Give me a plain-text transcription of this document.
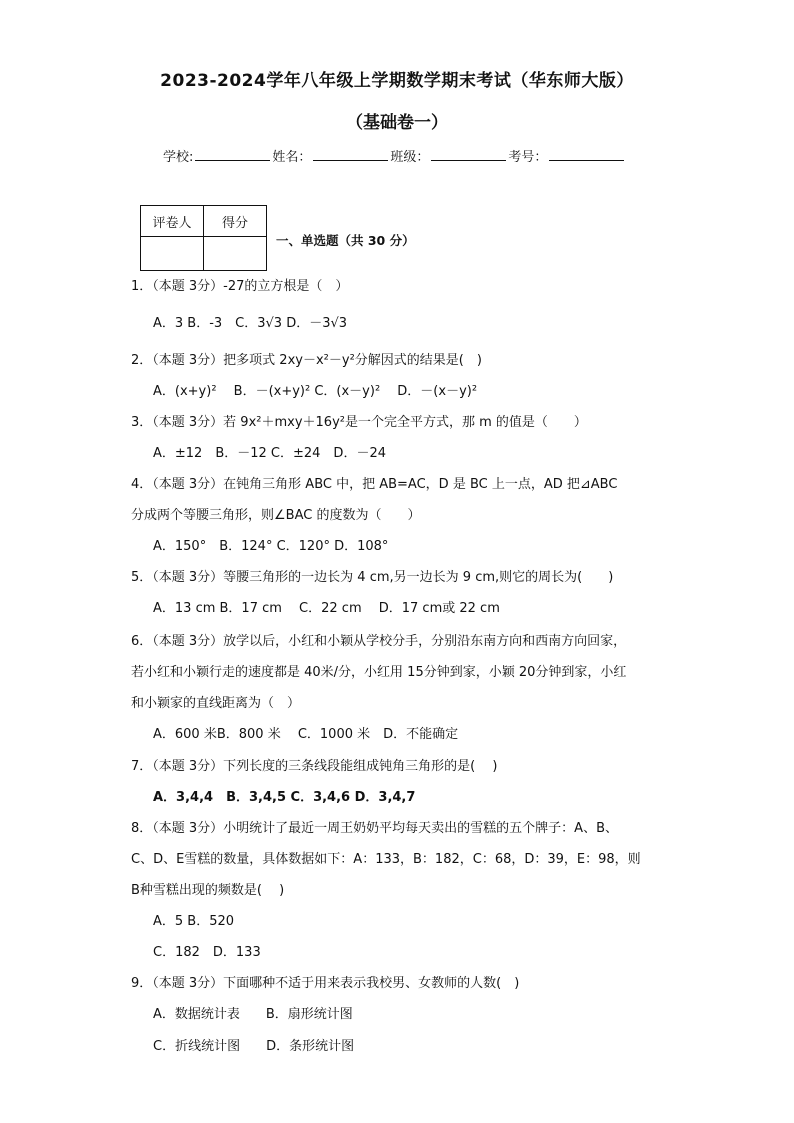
2023-2024学年八年级上学期数学期末考试（华东师大版）
（基础卷一）
学校:	姓名：	班级：	考号：
评卷人	得分

一、单选题（共 30 分）
1．（本题 3分）-27的立方根是（　）
A．3 B．-3　C．3√3 D．－3√3
2．（本题 3分）把多项式 2xy－x²－y²分解因式的结果是(　)
A．(x+y)²　 B．－(x+y)² C．(x－y)²　 D．－(x－y)²
3．（本题 3分）若 9x²＋mxy＋16y²是一个完全平方式，那 m 的值是（　　）
A．±12　B．－12 C．±24　D．－24
4．（本题 3分）在钝角三角形 ABC 中，把 AB=AC，D 是 BC 上一点，AD 把⊿ABC
分成两个等腰三角形，则∠BAC 的度数为（　　）
A．150°　B．124° C．120° D．108°
5．（本题 3分）等腰三角形的一边长为 4 cm,另一边长为 9 cm,则它的周长为(　　)
A．13 cm B．17 cm　 C．22 cm　 D．17 cm或 22 cm
6．（本题 3分）放学以后，小红和小颖从学校分手，分别沿东南方向和西南方向回家，
若小红和小颖行走的速度都是 40米/分，小红用 15分钟到家，小颖 20分钟到家，小红
和小颖家的直线距离为（　）
A．600 米B．800 米　 C．1000 米　D．不能确定
7．（本题 3分）下列长度的三条线段能组成钝角三角形的是(　 )
A．3,4,4　B．3,4,5 C．3,4,6 D．3,4,7
8．（本题 3分）小明统计了最近一周王奶奶平均每天卖出的雪糕的五个牌子：A、B、
C、D、E雪糕的数量，具体数据如下：A：133，B：182，C：68，D：39，E：98，则
B种雪糕出现的频数是(　 )
A．5 B．520
C．182　D．133
9．（本题 3分）下面哪种不适于用来表示我校男、女教师的人数(　)
A．数据统计表　　B．扇形统计图
C．折线统计图　　D．条形统计图
